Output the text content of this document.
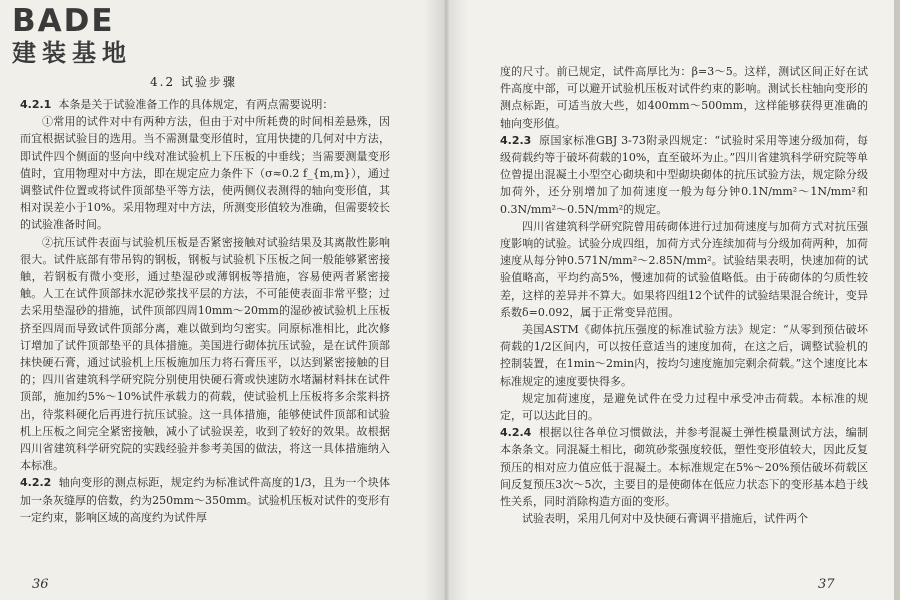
BADE
建装基地
4.2 试验步骤

4.2.1 本条是关于试验准备工作的具体规定，有两点需要说明：

①常用的试件对中有两种方法，但由于对中所耗费的时间相差悬殊，因而宜根据试验目的选用。当不需测量变形值时，宜用快捷的几何对中方法，即试件四个侧面的竖向中线对准试验机上下压板的中垂线；当需要测量变形值时，宜用物理对中方法，即在规定应力条件下（σ≈0.2 f_{m,m}），通过调整试件位置或将试件顶部垫平等方法，使两侧仪表测得的轴向变形值，其相对误差小于10%。采用物理对中方法，所测变形值较为准确，但需要较长的试验准备时间。

②抗压试件表面与试验机压板是否紧密接触对试验结果及其离散性影响很大。试件底部有带吊钩的钢板，钢板与试验机下压板之间一般能够紧密接触，若钢板有微小变形，通过垫湿砂或薄钢板等措施，容易使两者紧密接触。人工在试件顶部抹水泥砂浆找平层的方法，不可能使表面非常平整；过去采用垫湿砂的措施，试件顶部四周10mm～20mm的湿砂被试验机上压板挤至四周而导致试件顶部分离，难以做到均匀密实。同原标准相比，此次修订增加了试件顶部垫平的具体措施。美国进行砌体抗压试验，是在试件顶部抹快硬石膏，通过试验机上压板施加压力将石膏压平，以达到紧密接触的目的；四川省建筑科学研究院分别使用快硬石膏或快速防水堵漏材料抹在试件顶部，施加约5%～10%试件承载力的荷载，使试验机上压板将多余浆料挤出，待浆料硬化后再进行抗压试验。这一具体措施，能够使试件顶部和试验机上压板之间完全紧密接触，减小了试验误差，收到了较好的效果。故根据四川省建筑科学研究院的实践经验并参考美国的做法，将这一具体措施纳入本标准。

4.2.2 轴向变形的测点标距，规定约为标准试件高度的1/3，且为一个块体加一条灰缝厚的倍数，约为250mm～350mm。试验机压板对试件的变形有一定约束，影响区域的高度约为试件厚

36

度的尺寸。前已规定，试件高厚比为：β=3～5。这样，测试区间正好在试件高度中部，可以避开试验机压板对试件约束的影响。测试长柱轴向变形的测点标距，可适当放大些，如400mm～500mm，这样能够获得更准确的轴向变形值。

4.2.3 原国家标准GBJ 3-73附录四规定：“试验时采用等速分级加荷，每级荷载约等于破坏荷载的10%，直至破坏为止。”四川省建筑科学研究院等单位曾提出混凝土小型空心砌块和中型砌块砌体的抗压试验方法，规定除分级加荷外，还分别增加了加荷速度一般为每分钟0.1N/mm²～1N/mm²和0.3N/mm²～0.5N/mm²的规定。

四川省建筑科学研究院曾用砖砌体进行过加荷速度与加荷方式对抗压强度影响的试验。试验分成四组，加荷方式分连续加荷与分级加荷两种，加荷速度从每分钟0.571N/mm²～2.85N/mm²。试验结果表明，快速加荷的试验值略高，平均约高5%，慢速加荷的试验值略低。由于砖砌体的匀质性较差，这样的差异并不算大。如果将四组12个试件的试验结果混合统计，变异系数δ=0.092，属于正常变异范围。

美国ASTM《砌体抗压强度的标准试验方法》规定：“从零到预估破坏荷载的1/2区间内，可以按任意适当的速度加荷，在这之后，调整试验机的控制装置，在1min～2min内，按均匀速度施加完剩余荷载。”这个速度比本标准规定的速度要快得多。

规定加荷速度，是避免试件在受力过程中承受冲击荷载。本标准的规定，可以达此目的。

4.2.4 根据以往各单位习惯做法，并参考混凝土弹性模量测试方法，编制本条条文。同混凝土相比，砌筑砂浆强度较低，塑性变形值较大，因此反复预压的相对应力值应低于混凝土。本标准规定在5%～20%预估破坏荷载区间反复预压3次～5次，主要目的是使砌体在低应力状态下的变形基本趋于线性关系，同时消除构造方面的变形。

试验表明，采用几何对中及快硬石膏调平措施后，试件两个

37
